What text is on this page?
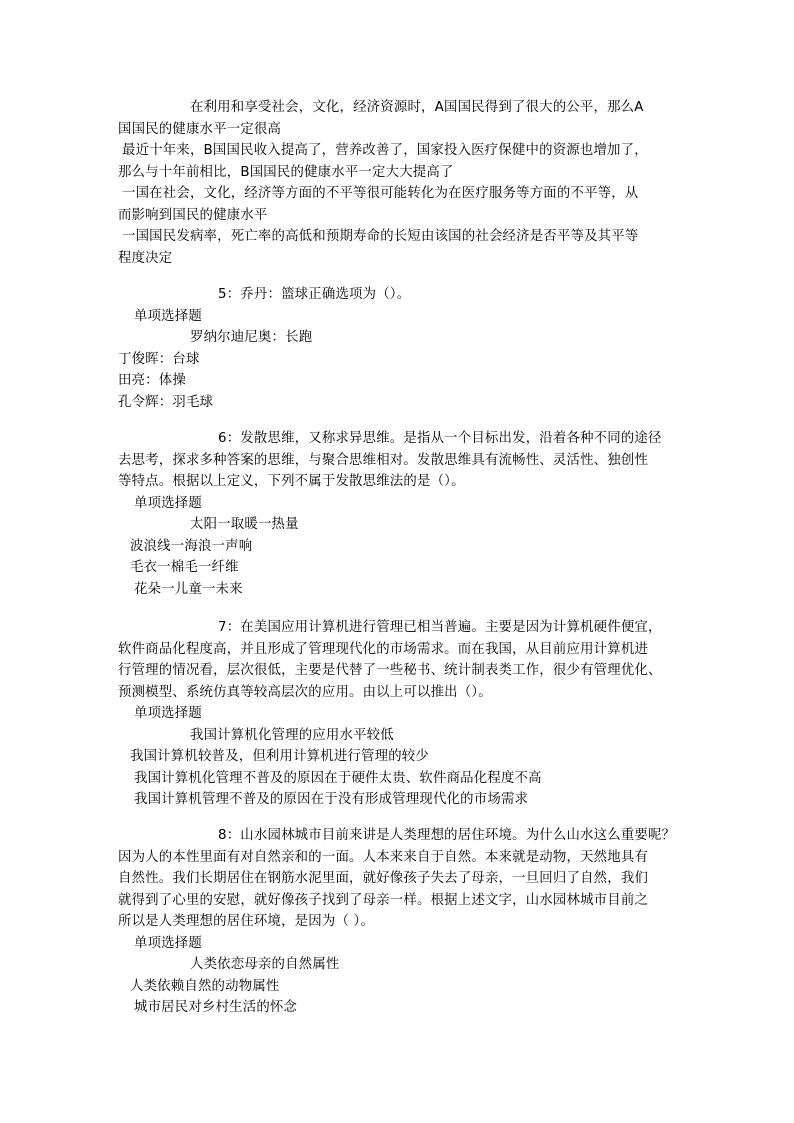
在利用和享受社会，文化，经济资源时，A国国民得到了很大的公平，那么A
国国民的健康水平一定很高
最近十年来，B国国民收入提高了，营养改善了，国家投入医疗保健中的资源也增加了，
那么与十年前相比，B国国民的健康水平一定大大提高了
一国在社会，文化，经济等方面的不平等很可能转化为在医疗服务等方面的不平等，从
而影响到国民的健康水平
一国国民发病率，死亡率的高低和预期寿命的长短由该国的社会经济是否平等及其平等
程度决定
5：乔丹：篮球正确选项为（）。
单项选择题
罗纳尔迪尼奥：长跑
丁俊晖：台球
田亮：体操
孔令辉：羽毛球
6：发散思维，又称求异思维。是指从一个目标出发，沿着各种不同的途径
去思考，探求多种答案的思维，与聚合思维相对。发散思维具有流畅性、灵活性、独创性
等特点。根据以上定义，下列不属于发散思维法的是（）。
单项选择题
太阳一取暖一热量
波浪线一海浪一声响
毛衣一棉毛一纤维
花朵一儿童一未来
7：在美国应用计算机进行管理已相当普遍。主要是因为计算机硬件便宜，
软件商品化程度高，并且形成了管理现代化的市场需求。而在我国，从目前应用计算机进
行管理的情况看，层次很低，主要是代替了一些秘书、统计制表类工作，很少有管理优化、
预测模型、系统仿真等较高层次的应用。由以上可以推出（）。
单项选择题
我国计算机化管理的应用水平较低
我国计算机较普及，但利用计算机进行管理的较少
我国计算机化管理不普及的原因在于硬件太贵、软件商品化程度不高
我国计算机管理不普及的原因在于没有形成管理现代化的市场需求
8：山水园林城市目前来讲是人类理想的居住环境。为什么山水这么重要呢？
因为人的本性里面有对自然亲和的一面。人本来来自于自然。本来就是动物，天然地具有
自然性。我们长期居住在钢筋水泥里面，就好像孩子失去了母亲，一旦回归了自然，我们
就得到了心里的安慰，就好像孩子找到了母亲一样。根据上述文字，山水园林城市目前之
所以是人类理想的居住环境，是因为（ ）。
单项选择题
人类依恋母亲的自然属性
人类依赖自然的动物属性
城市居民对乡村生活的怀念
